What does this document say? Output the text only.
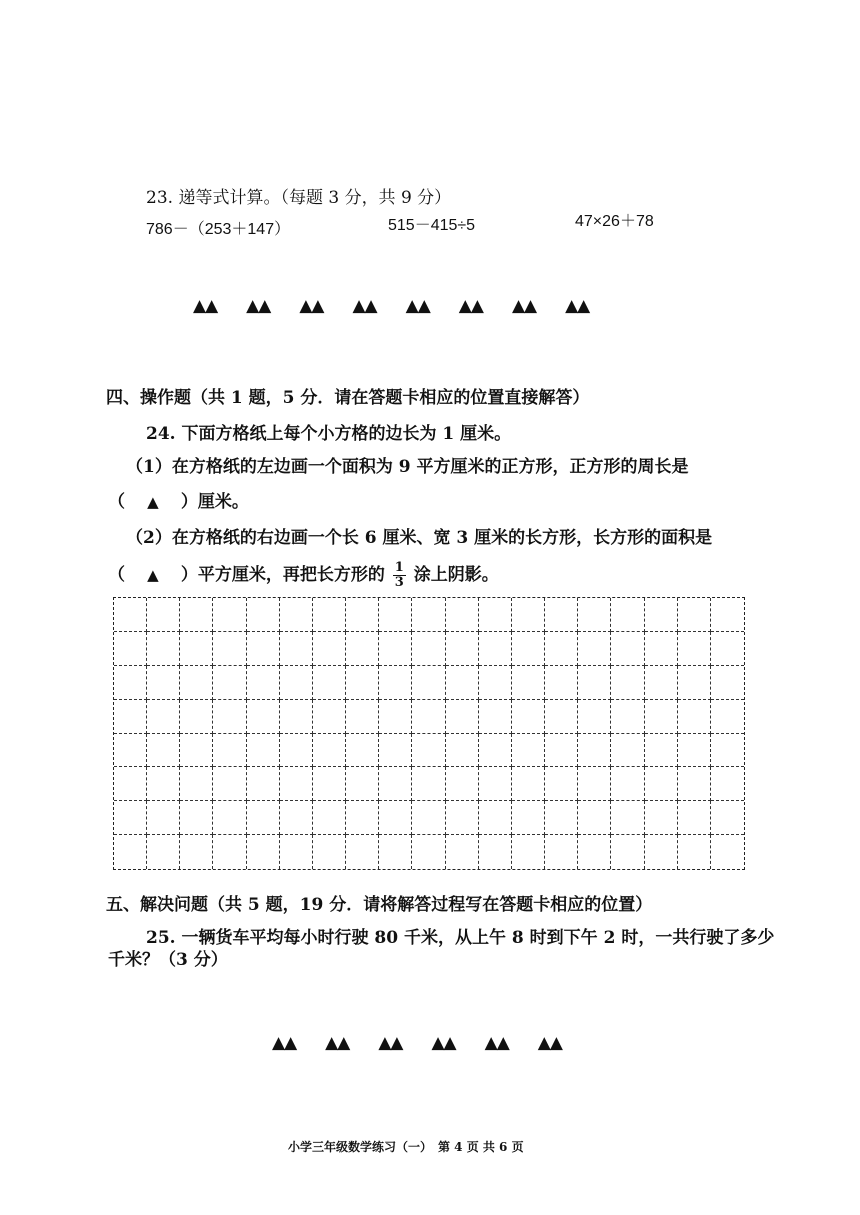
23. 递等式计算。（每题 3 分，共 9 分）
786－（253＋147）	515－415÷5	47×26＋78
▲▲ ▲▲ ▲▲ ▲▲ ▲▲ ▲▲ ▲▲ ▲▲
四、操作题（共 1 题，5 分．请在答题卡相应的位置直接解答）
24. 下面方格纸上每个小方格的边长为 1 厘米。
（1）在方格纸的左边画一个面积为 9 平方厘米的正方形，正方形的周长是
（ ▲ ）厘米。
（2）在方格纸的右边画一个长 6 厘米、宽 3 厘米的长方形，长方形的面积是
（ ▲ ）平方厘米，再把长方形的 $\frac{1}{3}$ 涂上阴影。
五、解决问题（共 5 题，19 分．请将解答过程写在答题卡相应的位置）
25. 一辆货车平均每小时行驶 80 千米，从上午 8 时到下午 2 时，一共行驶了多少
千米？（3 分）
▲▲ ▲▲ ▲▲ ▲▲ ▲▲ ▲▲
小学三年级数学练习（一）　第 4 页 共 6 页
